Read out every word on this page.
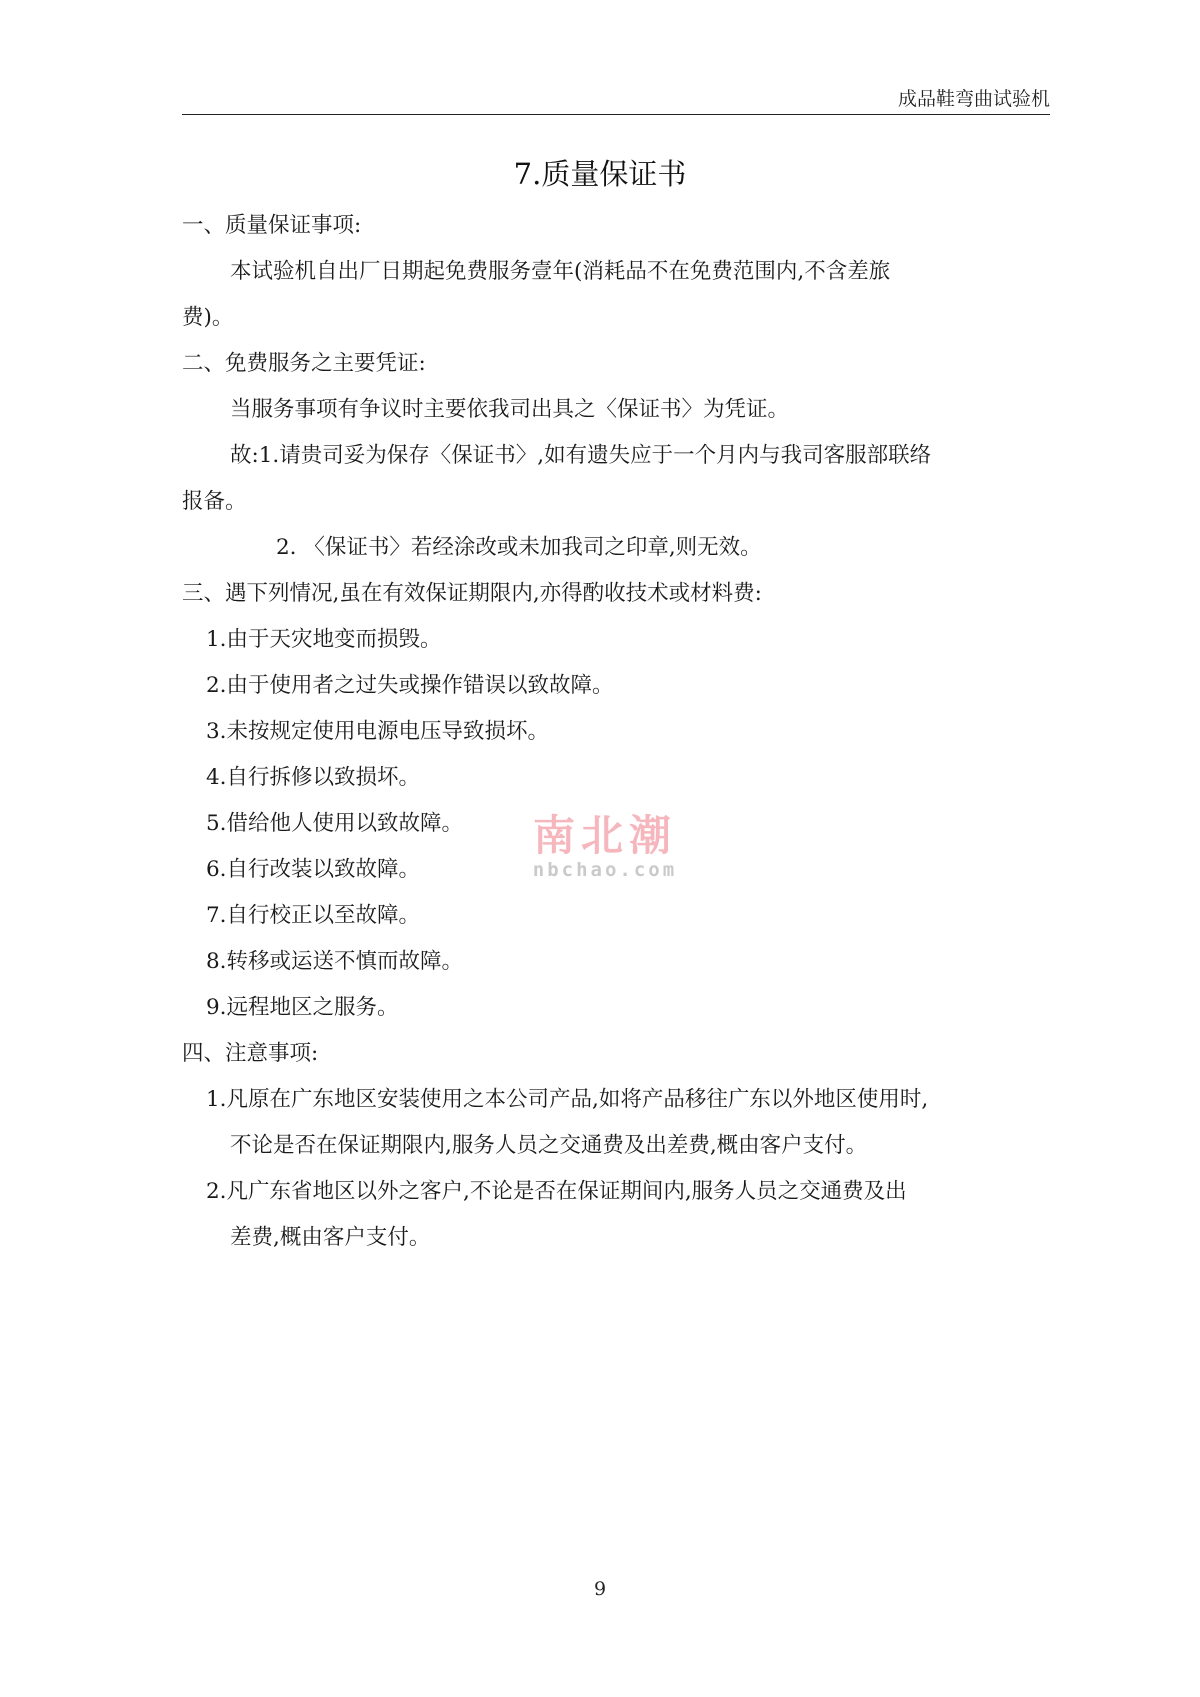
成品鞋弯曲试验机
7.质量保证书

一、质量保证事项:

本试验机自出厂日期起免费服务壹年(消耗品不在免费范围内,不含差旅

费)。

二、免费服务之主要凭证:

当服务事项有争议时主要依我司出具之〈保证书〉为凭证。

故:1.请贵司妥为保存〈保证书〉,如有遗失应于一个月内与我司客服部联络

报备。

2. 〈保证书〉若经涂改或未加我司之印章,则无效。

三、遇下列情况,虽在有效保证期限内,亦得酌收技术或材料费:

1.由于天灾地变而损毁。

2.由于使用者之过失或操作错误以致故障。

3.未按规定使用电源电压导致损坏。

4.自行拆修以致损坏。

5.借给他人使用以致故障。

6.自行改装以致故障。

7.自行校正以至故障。

8.转移或运送不慎而故障。

9.远程地区之服务。

四、注意事项:

1.凡原在广东地区安装使用之本公司产品,如将产品移往广东以外地区使用时,

不论是否在保证期限内,服务人员之交通费及出差费,概由客户支付。

2.凡广东省地区以外之客户,不论是否在保证期间内,服务人员之交通费及出

差费,概由客户支付。

南北潮
nbchao.com
9
